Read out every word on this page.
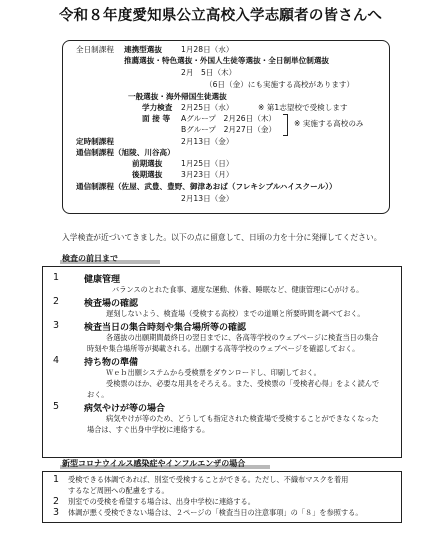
令和８年度愛知県公立高校入学志願者の皆さんへ
全日制課程 連携型選抜	1月28日（水）
推薦選抜・特色選抜・外国人生徒等選抜・全日制単位制選抜
2月　5日（木）
（6日（金）にも実施する高校があります）
一般選抜・海外帰国生徒選抜
学力検査 2月25日（水）	※ 第1志望校で受検します
面 接 等 Aグループ　2月26日（木）
Bグループ　2月27日（金）
※ 実施する高校のみ
2月13日（金）
定時制課程
通信制課程（旭陵、川谷高）
前期選抜 1月25日（日）
後期選抜 3月23日（月）
通信制課程（佐屋、武豊、豊野、御津あおば（フレキシブルハイスクール））
2月13日（金）
入学検査が近づいてきました。以下の点に留意して、日頃の力を十分に発揮してください。
検査の前日まで
1	健康管理
バランスのとれた食事、適度な運動、休養、睡眠など、健康管理に心がける。
2	検査場の確認
遅刻しないよう、検査場（受検する高校）までの道順と所要時間を調べておく。
3	検査当日の集合時刻や集合場所等の確認
各選抜の出願期間最終日の翌日までに、各高等学校のウェブページに検査当日の集合
時刻や集合場所等が掲載される。出願する高等学校のウェブページを確認しておく。
4	持ち物の準備
Ｗｅｂ出願システムから受検票をダウンロードし、印刷しておく。
受検票のほか、必要な用具をそろえる。また、受検票の「受検者心得」をよく読んで
おく。
5	病気やけが等の場合
病気やけが等のため、どうしても指定された検査場で受検することができなくなった
場合は、すぐ出身中学校に連絡する。
新型コロナウイルス感染症やインフルエンザの場合
1 受検できる体調であれば、別室で受検することができる。ただし、不織布マスクを着用
するなど周囲への配慮をする。
2 別室での受検を希望する場合は、出身中学校に連絡する。
3 体調が悪く受検できない場合は、２ページの「検査当日の注意事項」の「８」を参照する。
